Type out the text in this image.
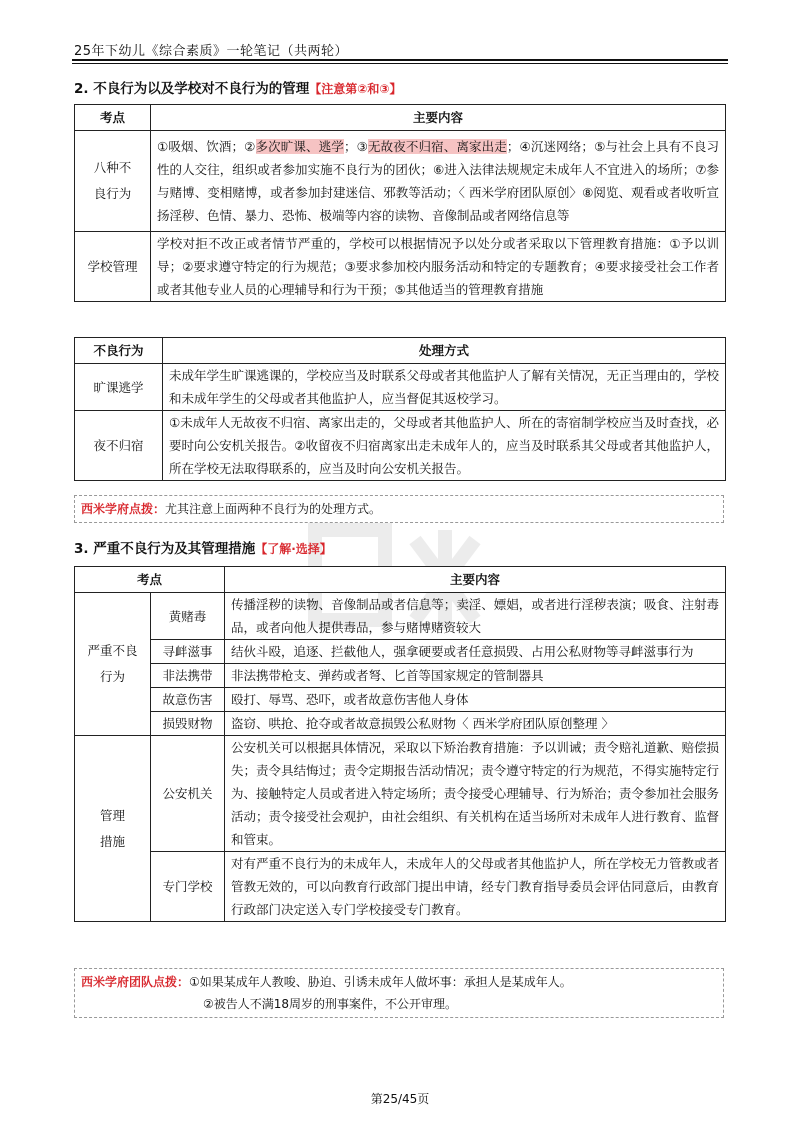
25年下幼儿《综合素质》一轮笔记（共两轮）
2. 不良行为以及学校对不良行为的管理【注意第②和③】
考点	主要内容

八种不良行为	①吸烟、饮酒；②多次旷课、逃学；③无故夜不归宿、离家出走；④沉迷网络；⑤与社会上具有不良习性的人交往，组织或者参加实施不良行为的团伙；⑥进入法律法规规定未成年人不宜进入的场所；⑦参与赌博、变相赌博，或者参加封建迷信、邪教等活动；〈 西米学府团队原创〉⑧阅览、观看或者收听宣扬淫秽、色情、暴力、恐怖、极端等内容的读物、音像制品或者网络信息等
学校管理	学校对拒不改正或者情节严重的，学校可以根据情况予以处分或者采取以下管理教育措施：①予以训导；②要求遵守特定的行为规范；③要求参加校内服务活动和特定的专题教育；④要求接受社会工作者或者其他专业人员的心理辅导和行为干预；⑤其他适当的管理教育措施
不良行为	处理方式
旷课逃学	未成年学生旷课逃课的，学校应当及时联系父母或者其他监护人了解有关情况，无正当理由的，学校和未成年学生的父母或者其他监护人，应当督促其返校学习。
夜不归宿	①未成年人无故夜不归宿、离家出走的，父母或者其他监护人、所在的寄宿制学校应当及时查找，必要时向公安机关报告。②收留夜不归宿离家出走未成年人的，应当及时联系其父母或者其他监护人，所在学校无法取得联系的，应当及时向公安机关报告。
西米学府点拨：尤其注意上面两种不良行为的处理方式。
3. 严重不良行为及其管理措施【了解·选择】
考点		主要内容

严重不良行为	黄赌毒	传播淫秽的读物、音像制品或者信息等；卖淫、嫖娼，或者进行淫秽表演；吸食、注射毒品，或者向他人提供毒品，参与赌博赌资较大
	寻衅滋事	结伙斗殴，追逐、拦截他人，强拿硬要或者任意损毁、占用公私财物等寻衅滋事行为
	非法携带	非法携带枪支、弹药或者弩、匕首等国家规定的管制器具
	故意伤害	殴打、辱骂、恐吓，或者故意伤害他人身体
	损毁财物	盗窃、哄抢、抢夺或者故意损毁公私财物〈 西米学府团队原创整理 〉

管理措施	公安机关	公安机关可以根据具体情况，采取以下矫治教育措施：予以训诫；责令赔礼道歉、赔偿损失；责令具结悔过；责令定期报告活动情况；责令遵守特定的行为规范，不得实施特定行为、接触特定人员或者进入特定场所；责令接受心理辅导、行为矫治；责令参加社会服务活动；责令接受社会观护，由社会组织、有关机构在适当场所对未成年人进行教育、监督和管束。
	专门学校	对有严重不良行为的未成年人，未成年人的父母或者其他监护人，所在学校无力管教或者管教无效的，可以向教育行政部门提出申请，经专门教育指导委员会评估同意后，由教育行政部门决定送入专门学校接受专门教育。
西米学府团队点拨：①如果某成年人教唆、胁迫、引诱未成年人做坏事：承担人是某成年人。
②被告人不满18周岁的刑事案件，不公开审理。
第25/45页
